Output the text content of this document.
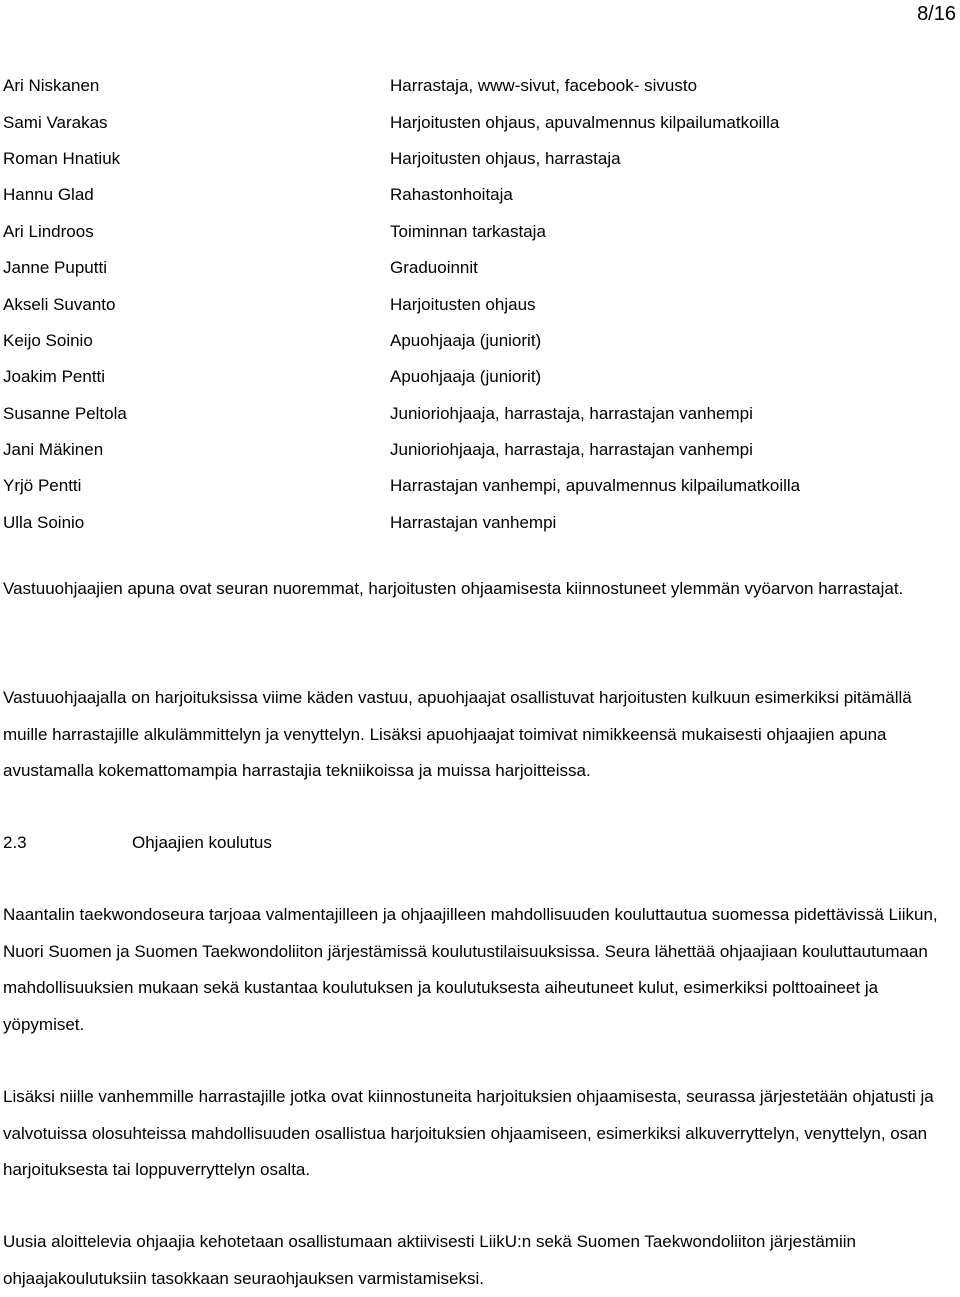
8/16
Ari Niskanen	Harrastaja, www-sivut, facebook- sivusto
Sami Varakas	Harjoitusten ohjaus, apuvalmennus kilpailumatkoilla
Roman Hnatiuk	Harjoitusten ohjaus, harrastaja
Hannu Glad	Rahastonhoitaja
Ari Lindroos	Toiminnan tarkastaja
Janne Puputti	Graduoinnit
Akseli Suvanto	Harjoitusten ohjaus
Keijo Soinio	Apuohjaaja (juniorit)
Joakim Pentti	Apuohjaaja (juniorit)
Susanne Peltola	Junioriohjaaja, harrastaja, harrastajan vanhempi
Jani Mäkinen	Junioriohjaaja, harrastaja, harrastajan vanhempi
Yrjö Pentti	Harrastajan vanhempi, apuvalmennus kilpailumatkoilla
Ulla Soinio	Harrastajan vanhempi

Vastuuohjaajien apuna ovat seuran nuoremmat, harjoitusten ohjaamisesta kiinnostuneet ylemmän vyöarvon harrastajat.

Vastuuohjaajalla on harjoituksissa viime käden vastuu, apuohjaajat osallistuvat harjoitusten kulkuun esimerkiksi pitämällä muille harrastajille alkulämmittelyn ja venyttelyn. Lisäksi apuohjaajat toimivat nimikkeensä mukaisesti ohjaajien apuna avustamalla kokemattomampia harrastajia tekniikoissa ja muissa harjoitteissa.

2.3	Ohjaajien koulutus

Naantalin taekwondoseura tarjoaa valmentajilleen ja ohjaajilleen mahdollisuuden kouluttautua suomessa pidettävissä Liikun, Nuori Suomen ja Suomen Taekwondoliiton järjestämissä koulutustilaisuuksissa. Seura lähettää ohjaajiaan kouluttautumaan mahdollisuuksien mukaan sekä kustantaa koulutuksen ja koulutuksesta aiheutuneet kulut, esimerkiksi polttoaineet ja yöpymiset.

Lisäksi niille vanhemmille harrastajille jotka ovat kiinnostuneita harjoituksien ohjaamisesta, seurassa järjestetään ohjatusti ja valvotuissa olosuhteissa mahdollisuuden osallistua harjoituksien ohjaamiseen, esimerkiksi alkuverryttelyn, venyttelyn, osan harjoituksesta tai loppuverryttelyn osalta.

Uusia aloittelevia ohjaajia kehotetaan osallistumaan aktiivisesti LiikU:n sekä Suomen Taekwondoliiton järjestämiin ohjaajakoulutuksiin tasokkaan seuraohjauksen varmistamiseksi.
